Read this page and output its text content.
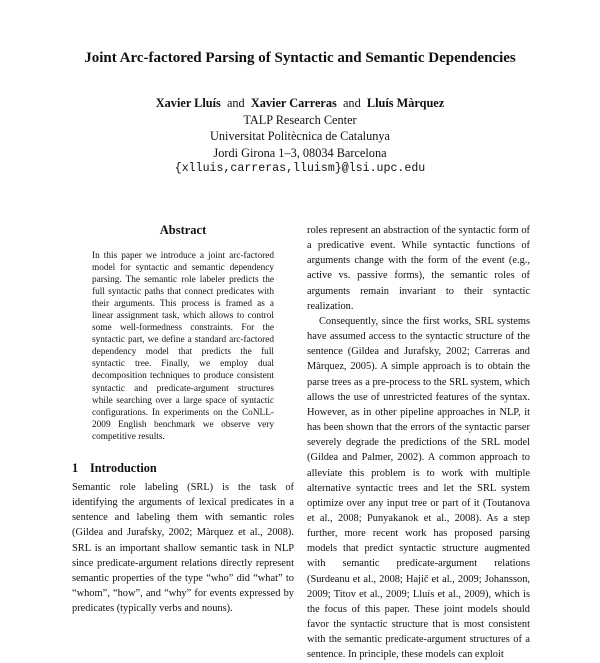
Joint Arc-factored Parsing of Syntactic and Semantic Dependencies
Xavier Lluís and Xavier Carreras and Lluís Màrquez
TALP Research Center
Universitat Politècnica de Catalunya
Jordi Girona 1–3, 08034 Barcelona
{xlluis,carreras,lluism}@lsi.upc.edu
Abstract
In this paper we introduce a joint arc-factored model for syntactic and semantic dependency parsing. The semantic role labeler predicts the full syntactic paths that connect predicates with their arguments. This process is framed as a linear assignment task, which allows to control some well-formedness constraints. For the syntactic part, we define a standard arc-factored dependency model that predicts the full syntactic tree. Finally, we employ dual decomposition techniques to produce consistent syntactic and predicate-argument structures while searching over a large space of syntactic configurations. In experiments on the CoNLL-2009 English benchmark we observe very competitive results.
1 Introduction

Semantic role labeling (SRL) is the task of identifying the arguments of lexical predicates in a sentence and labeling them with semantic roles (Gildea and Jurafsky, 2002; Màrquez et al., 2008). SRL is an important shallow semantic task in NLP since predicate-argument relations directly represent semantic properties of the type “who” did “what” to “whom”, “how”, and “why” for events expressed by predicates (typically verbs and nouns).

roles represent an abstraction of the syntactic form of a predicative event. While syntactic functions of arguments change with the form of the event (e.g., active vs. passive forms), the semantic roles of arguments remain invariant to their syntactic realization.

Consequently, since the first works, SRL systems have assumed access to the syntactic structure of the sentence (Gildea and Jurafsky, 2002; Carreras and Màrquez, 2005). A simple approach is to obtain the parse trees as a pre-process to the SRL system, which allows the use of unrestricted features of the syntax. However, as in other pipeline approaches in NLP, it has been shown that the errors of the syntactic parser severely degrade the predictions of the SRL model (Gildea and Palmer, 2002). A common approach to alleviate this problem is to work with multiple alternative syntactic trees and let the SRL system optimize over any input tree or part of it (Toutanova et al., 2008; Punyakanok et al., 2008). As a step further, more recent work has proposed parsing models that predict syntactic structure augmented with semantic predicate-argument relations (Surdeanu et al., 2008; Hajič et al., 2009; Johansson, 2009; Titov et al., 2009; Lluís et al., 2009), which is the focus of this paper. These joint models should favor the syntactic structure that is most consistent with the semantic predicate-argument structures of a sentence. In principle, these models can exploit
